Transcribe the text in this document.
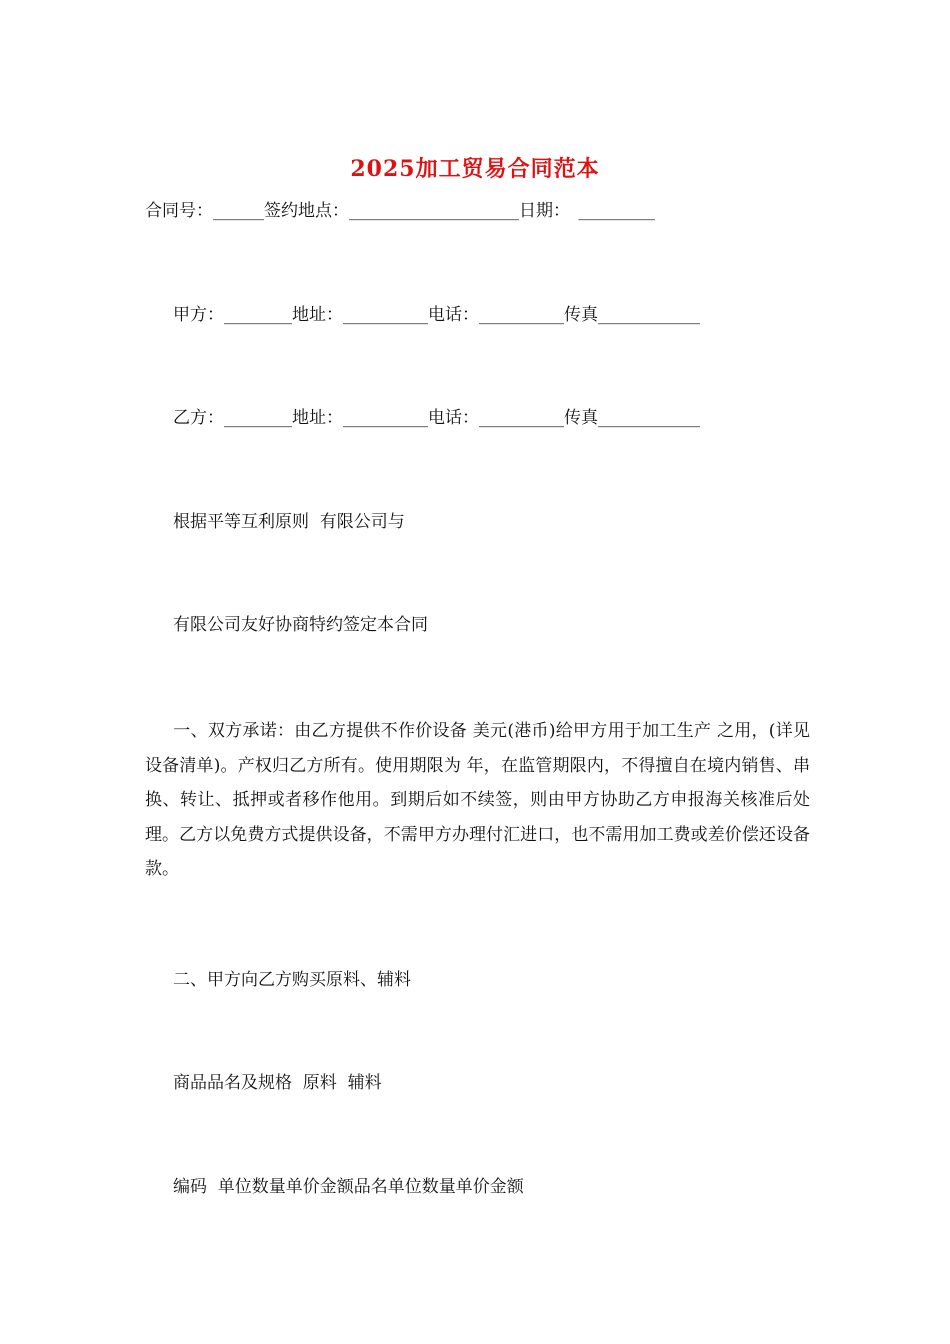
2025加工贸易合同范本
合同号：______签约地点：____________________日期：　_________
甲方：________地址：__________电话：__________传真____________
乙方：________地址：__________电话：__________传真____________
根据平等互利原则  有限公司与
有限公司友好协商特约签定本合同
一、双方承诺：由乙方提供不作价设备 美元(港币)给甲方用于加工生产 之用，(详见设备清单)。产权归乙方所有。使用期限为 年，在监管期限内，不得擅自在境内销售、串换、转让、抵押或者移作他用。到期后如不续签，则由甲方协助乙方申报海关核准后处理。乙方以免费方式提供设备，不需甲方办理付汇进口，也不需用加工费或差价偿还设备款。
二、甲方向乙方购买原料、辅料
商品品名及规格  原料  辅料
编码  单位数量单价金额品名单位数量单价金额
